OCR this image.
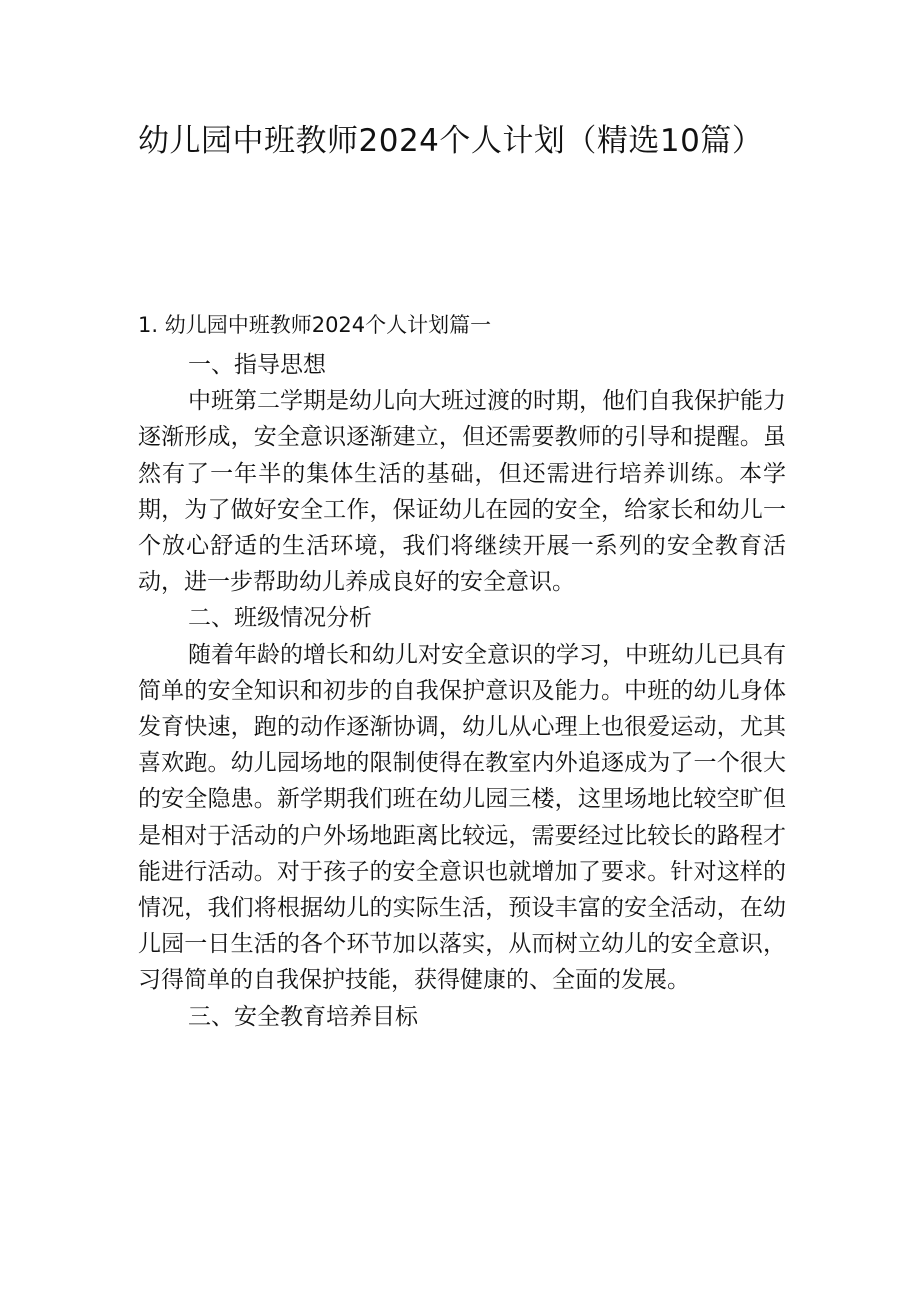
幼儿园中班教师2024个人计划（精选10篇）
1. 幼儿园中班教师2024个人计划篇一

一、指导思想

中班第二学期是幼儿向大班过渡的时期，他们自我保护能力逐渐形成，安全意识逐渐建立，但还需要教师的引导和提醒。虽然有了一年半的集体生活的基础，但还需进行培养训练。本学期，为了做好安全工作，保证幼儿在园的安全，给家长和幼儿一个放心舒适的生活环境，我们将继续开展一系列的安全教育活动，进一步帮助幼儿养成良好的安全意识。

二、班级情况分析

随着年龄的增长和幼儿对安全意识的学习，中班幼儿已具有简单的安全知识和初步的自我保护意识及能力。中班的幼儿身体发育快速，跑的动作逐渐协调，幼儿从心理上也很爱运动，尤其喜欢跑。幼儿园场地的限制使得在教室内外追逐成为了一个很大的安全隐患。新学期我们班在幼儿园三楼，这里场地比较空旷但是相对于活动的户外场地距离比较远，需要经过比较长的路程才能进行活动。对于孩子的安全意识也就增加了要求。针对这样的情况，我们将根据幼儿的实际生活，预设丰富的安全活动，在幼儿园一日生活的各个环节加以落实，从而树立幼儿的安全意识，习得简单的自我保护技能，获得健康的、全面的发展。

三、安全教育培养目标
